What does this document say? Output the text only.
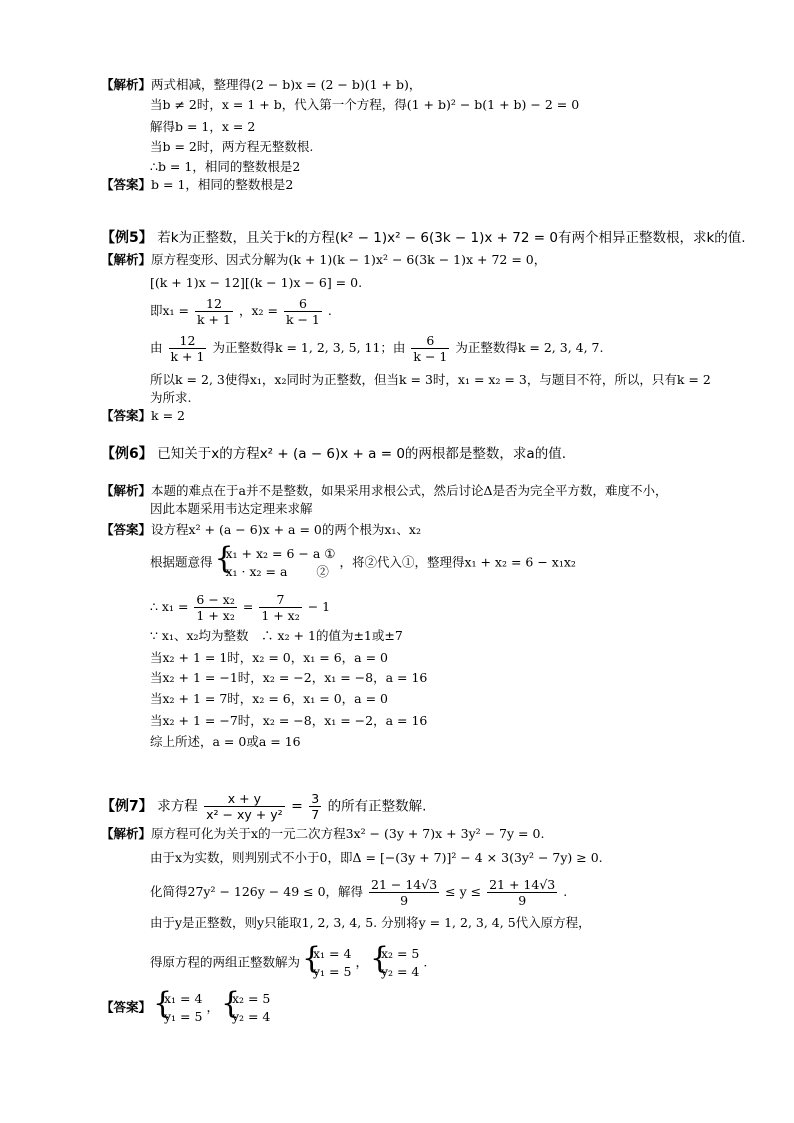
【解析】两式相减，整理得(2 − b)x = (2 − b)(1 + b)，
当b ≠ 2时，x = 1 + b，代入第一个方程，得(1 + b)² − b(1 + b) − 2 = 0
解得b = 1，x = 2
当b = 2时，两方程无整数根.
∴b = 1，相同的整数根是2
【答案】b = 1，相同的整数根是2
【例5】 若k为正整数，且关于k的方程(k² − 1)x² − 6(3k − 1)x + 72 = 0有两个相异正整数根，求k的值.
【解析】原方程变形、因式分解为(k + 1)(k − 1)x² − 6(3k − 1)x + 72 = 0，
[(k + 1)x − 12][(k − 1)x − 6] = 0.
即$x_1 = \frac{12}{k + 1}$ ，$x_2 = \frac{6}{k - 1}$ .
由 $\frac{12}{k + 1}$ 为正整数得k = 1, 2, 3, 5, 11；由 $\frac{6}{k - 1}$ 为正整数得k = 2, 3, 4, 7.
所以k = 2, 3使得x₁，x₂同时为正整数，但当k = 3时，x₁ = x₂ = 3，与题目不符，所以，只有k = 2
为所求.
【答案】k = 2
【例6】 已知关于x的方程x² + (a − 6)x + a = 0的两根都是整数，求a的值.
【解析】本题的难点在于a并不是整数，如果采用求根公式，然后讨论Δ是否为完全平方数，难度不小，
因此本题采用韦达定理来求解
【答案】设方程x² + (a − 6)x + a = 0的两个根为x₁、x₂
根据题意得
{ x₁ + x₂ = 6 − a ①
x₁ · x₂ = a　　 ②
，将②代入①，整理得x₁ + x₂ = 6 − x₁x₂
∴ $x_1 = \frac{\text{6 − x₂}}{\text{1 + x₂}} = \frac{7}{\text{1 + x₂}} - 1$
∵ x₁、x₂均为整数　∴ x₂ + 1的值为±1或±7
当x₂ + 1 = 1时，x₂ = 0，x₁ = 6，a = 0
当x₂ + 1 = −1时，x₂ = −2，x₁ = −8，a = 16
当x₂ + 1 = 7时，x₂ = 6，x₁ = 0，a = 0
当x₂ + 1 = −7时，x₂ = −8，x₁ = −2，a = 16
综上所述，a = 0或a = 16
【例7】 求方程 $\frac{x + y}{\text{x² − xy + y²}} = \frac{3}{7}$ 的所有正整数解.
【解析】原方程可化为关于x的一元二次方程3x² − (3y + 7)x + 3y² − 7y = 0.
由于x为实数，则判别式不小于0，即Δ = [−(3y + 7)]² − 4 × 3(3y² − 7y) ≥ 0.
化简得27y² − 126y − 49 ≤ 0，解得 $\frac{21 - 14√3}{9} \le y \le \frac{21 + 14√3}{9}$ .
由于y是正整数，则y只能取1, 2, 3, 4, 5. 分别将y = 1, 2, 3, 4, 5代入原方程，
得原方程的两组正整数解为
{ x₁ = 4
y₁ = 5
，
{ x₂ = 5
y₂ = 4
.
【答案】
{ x₁ = 4
y₁ = 5
，
{ x₂ = 5
y₂ = 4
